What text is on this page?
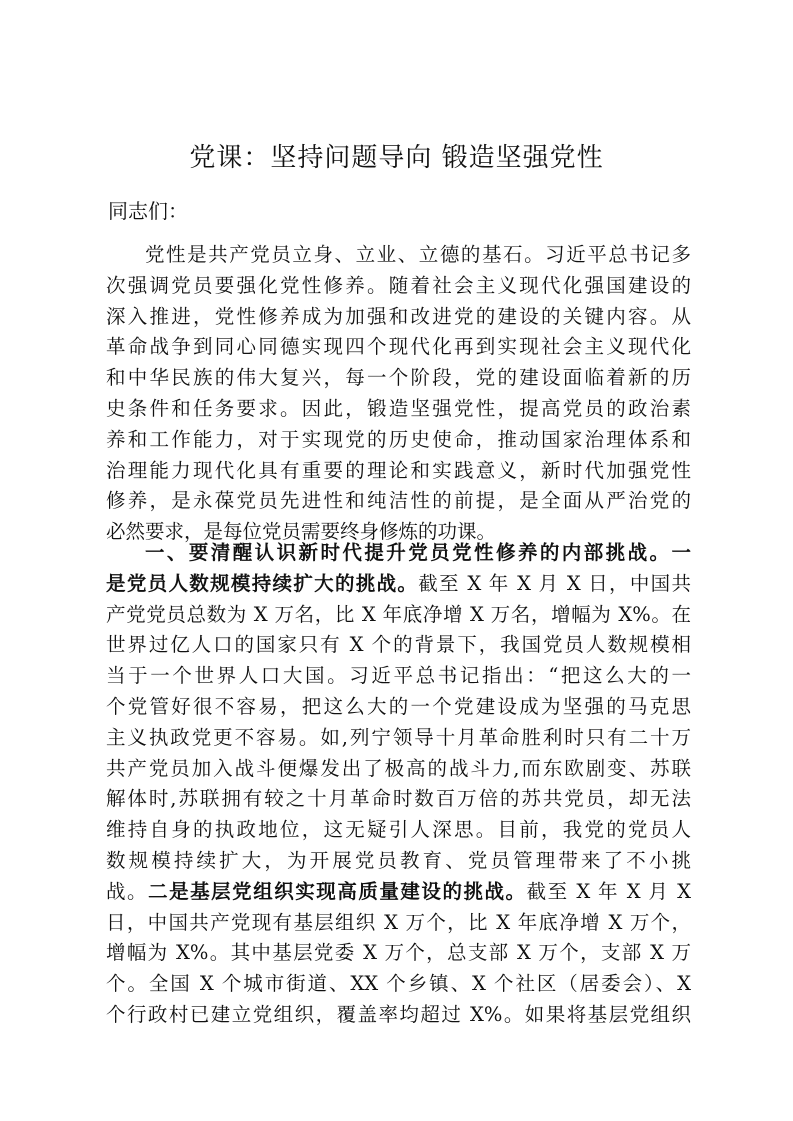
党课：坚持问题导向 锻造坚强党性
同志们：
党性是共产党员立身、立业、立德的基石。习近平总书记多
次强调党员要强化党性修养。随着社会主义现代化强国建设的
深入推进，党性修养成为加强和改进党的建设的关键内容。从
革命战争到同心同德实现四个现代化再到实现社会主义现代化
和中华民族的伟大复兴，每一个阶段，党的建设面临着新的历
史条件和任务要求。因此，锻造坚强党性，提高党员的政治素
养和工作能力，对于实现党的历史使命，推动国家治理体系和
治理能力现代化具有重要的理论和实践意义，新时代加强党性
修养，是永葆党员先进性和纯洁性的前提，是全面从严治党的
必然要求，是每位党员需要终身修炼的功课。
一、要清醒认识新时代提升党员党性修养的内部挑战。一
是党员人数规模持续扩大的挑战。截至 X 年 X 月 X 日，中国共
产党党员总数为 X 万名，比 X 年底净增 X 万名，增幅为 X%。在
世界过亿人口的国家只有 X 个的背景下，我国党员人数规模相
当于一个世界人口大国。习近平总书记指出：“把这么大的一
个党管好很不容易，把这么大的一个党建设成为坚强的马克思
主义执政党更不容易。如,列宁领导十月革命胜利时只有二十万
共产党员加入战斗便爆发出了极高的战斗力,而东欧剧变、苏联
解体时,苏联拥有较之十月革命时数百万倍的苏共党员，却无法
维持自身的执政地位，这无疑引人深思。目前，我党的党员人
数规模持续扩大，为开展党员教育、党员管理带来了不小挑
战。二是基层党组织实现高质量建设的挑战。截至 X 年 X 月 X
日，中国共产党现有基层组织 X 万个，比 X 年底净增 X 万个，
增幅为 X%。其中基层党委 X 万个，总支部 X 万个，支部 X 万
个。全国 X 个城市街道、XX 个乡镇、X 个社区（居委会）、X
个行政村已建立党组织，覆盖率均超过 X%。如果将基层党组织
